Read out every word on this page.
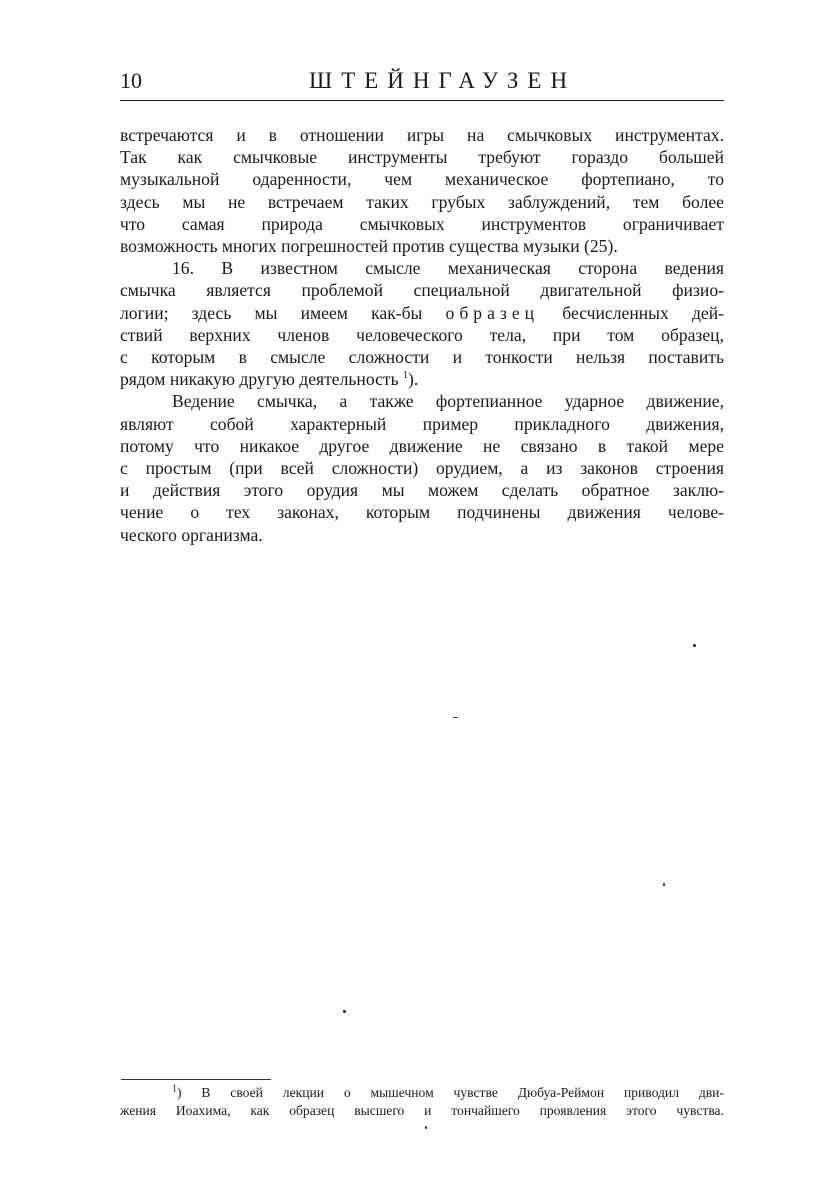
10	ШТЕЙНГАУЗЕН
встречаются и в отношении игры на смычковых инструментах.
Так как смычковые инструменты требуют гораздо большей
музыкальной одаренности, чем механическое фортепиано, то
здесь мы не встречаем таких грубых заблуждений, тем более
что самая природа смычковых инструментов ограничивает
возможность многих погрешностей против существа музыки (25).
16. В известном смысле механическая сторона ведения
смычка является проблемой специальной двигательной физио-
логии; здесь мы имеем как-бы образец бесчисленных дей-
ствий верхних членов человеческого тела, при том образец,
с которым в смысле сложности и тонкости нельзя поставить
рядом никакую другую деятельность $^1$).
Ведение смычка, а также фортепианное ударное движение,
являют собой характерный пример прикладного движения,
потому что никакое другое движение не связано в такой мере
с простым (при всей сложности) орудием, а из законов строения
и действия этого орудия мы можем сделать обратное заклю-
чение о тех законах, которым подчинены движения челове-
ческого организма.
$^1$) В своей лекции о мышечном чувстве Дюбуа-Реймон приводил дви-
жения Иоахима, как образец высшего и тончайшего проявления этого чувства.
